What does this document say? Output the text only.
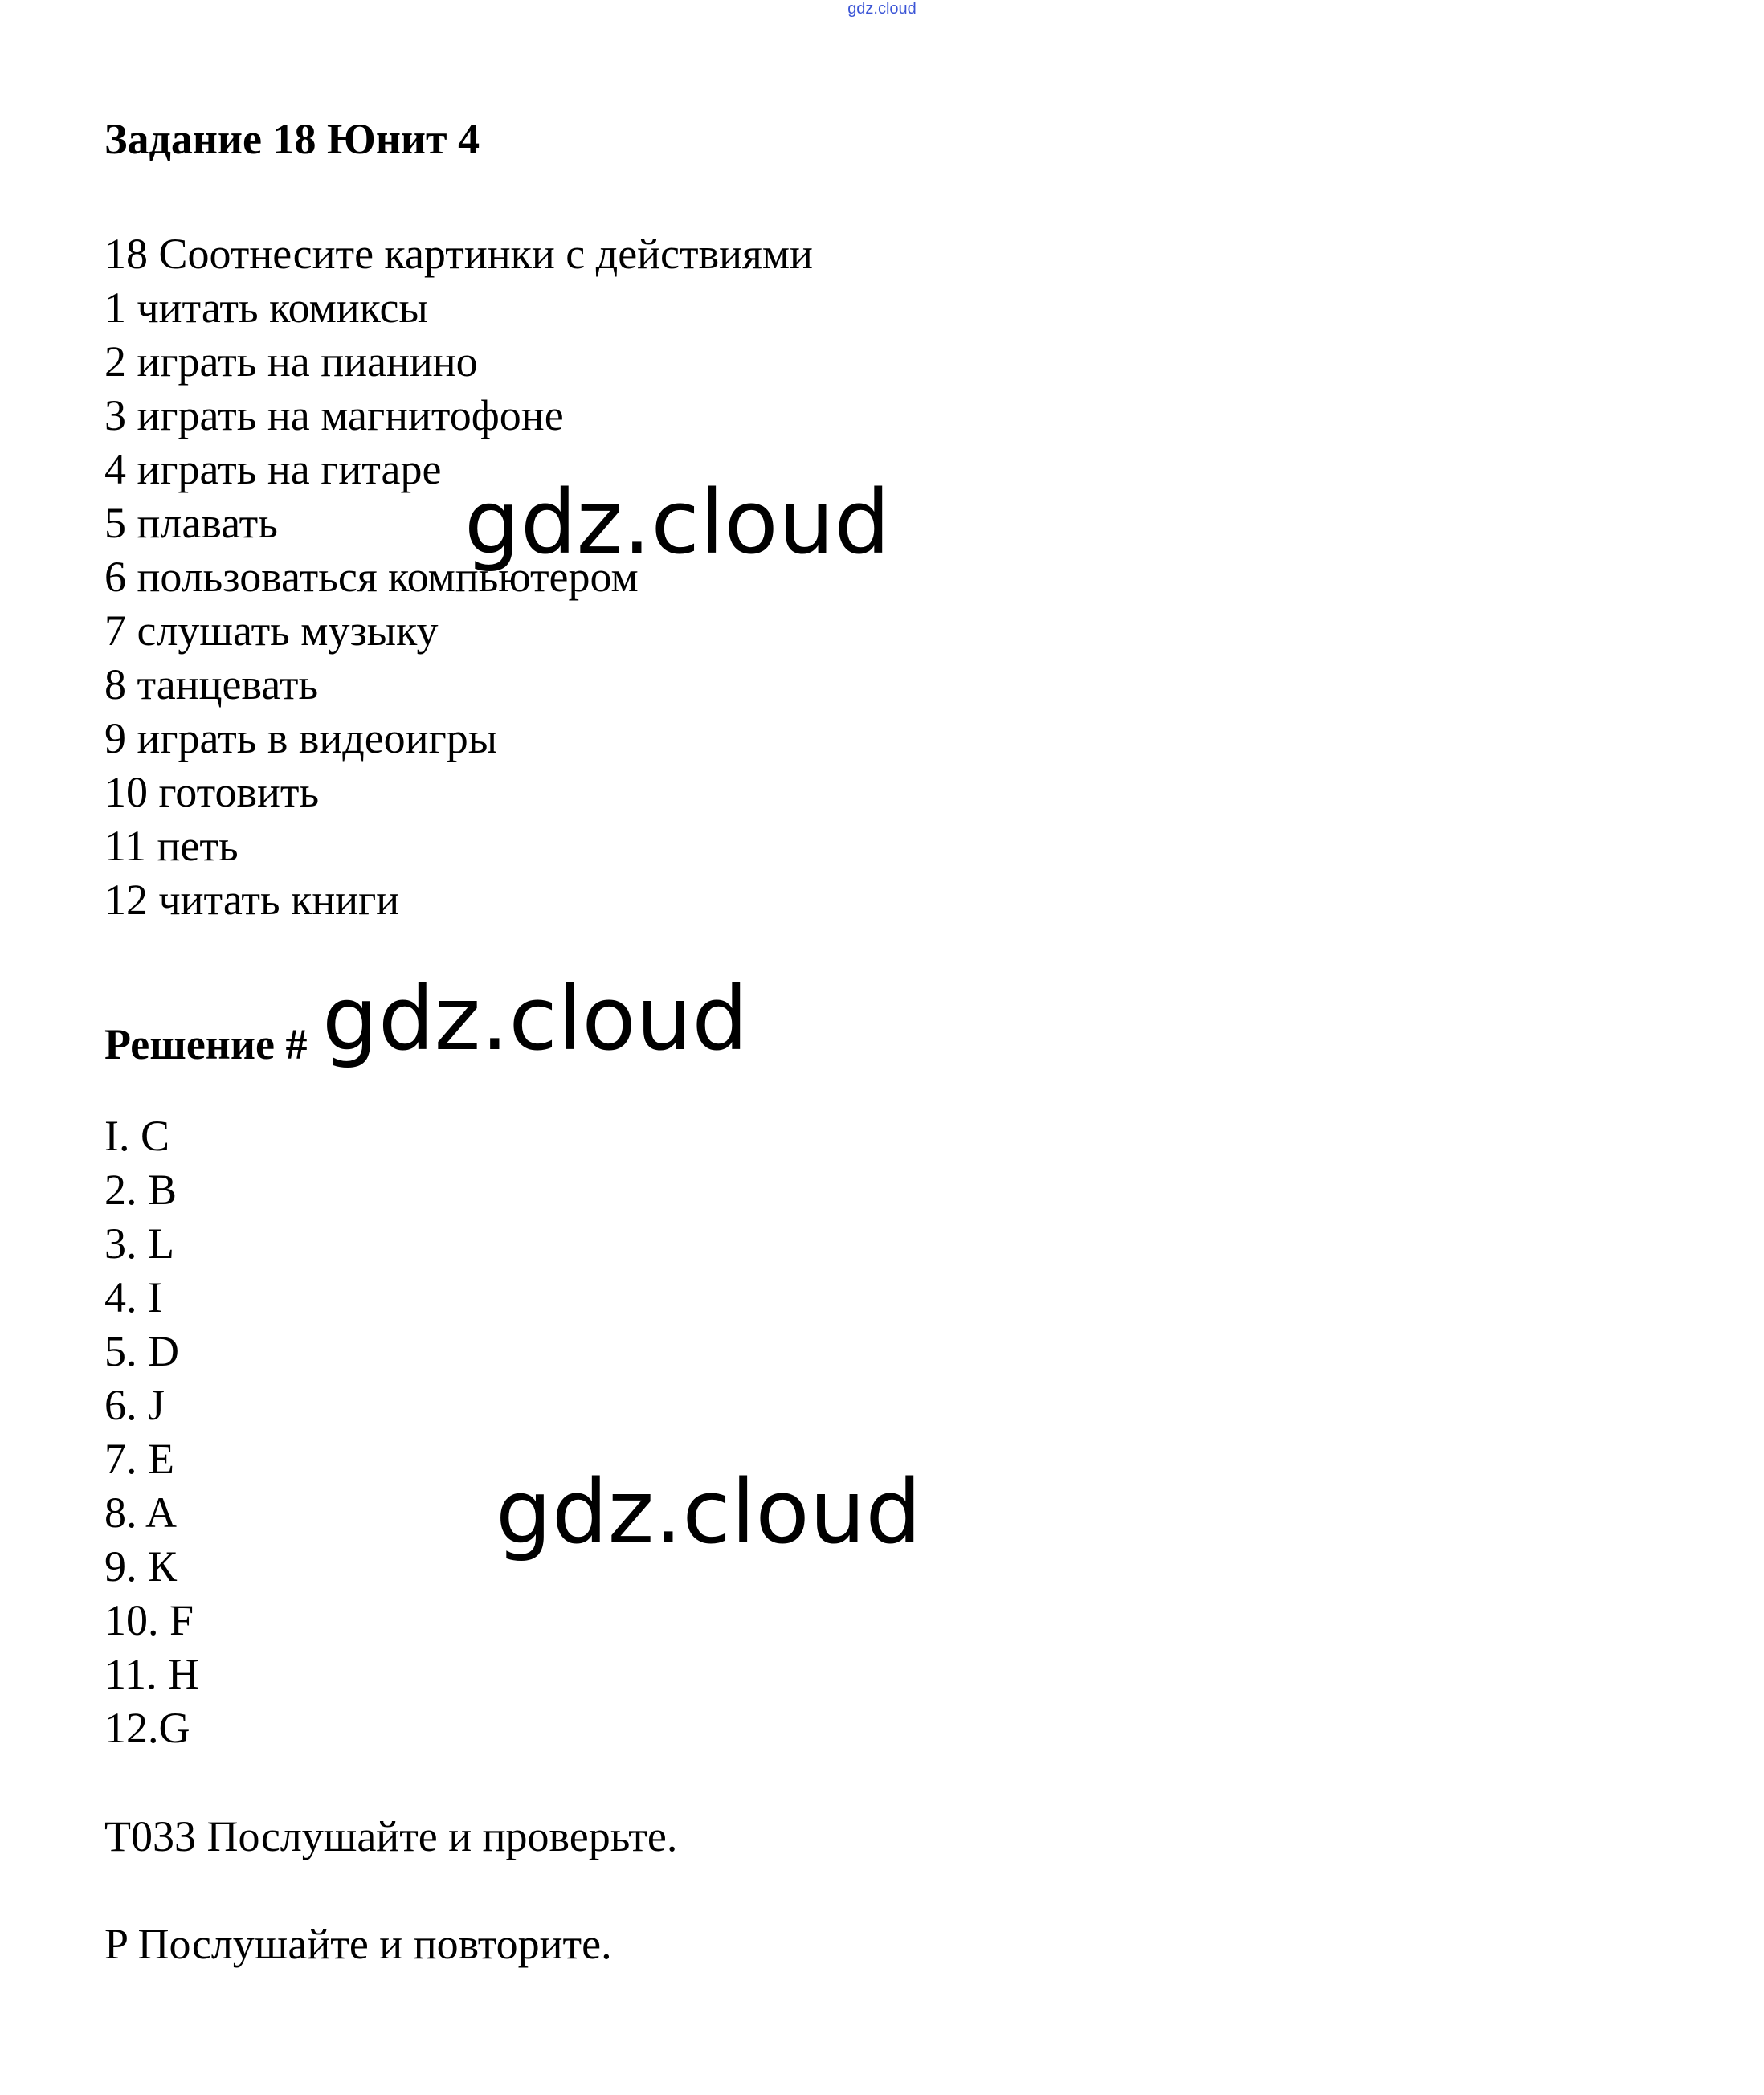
gdz.cloud
Задание 18 Юнит 4
18 Соотнесите картинки с действиями
1 читать комиксы
2 играть на пианино
3 играть на магнитофоне
4 играть на гитаре
5 плавать
6 пользоваться компьютером
7 слушать музыку
8 танцевать
9 играть в видеоигры
10 готовить
11 петь
12 читать книги
Решение #
I. C
2. B
3. L
4. I
5. D
6. J
7. E
8. A
9. К
10. F
11. H
12.G
T033 Послушайте и проверьте.
P Послушайте и повторите.
gdz.cloud
gdz.cloud
gdz.cloud
